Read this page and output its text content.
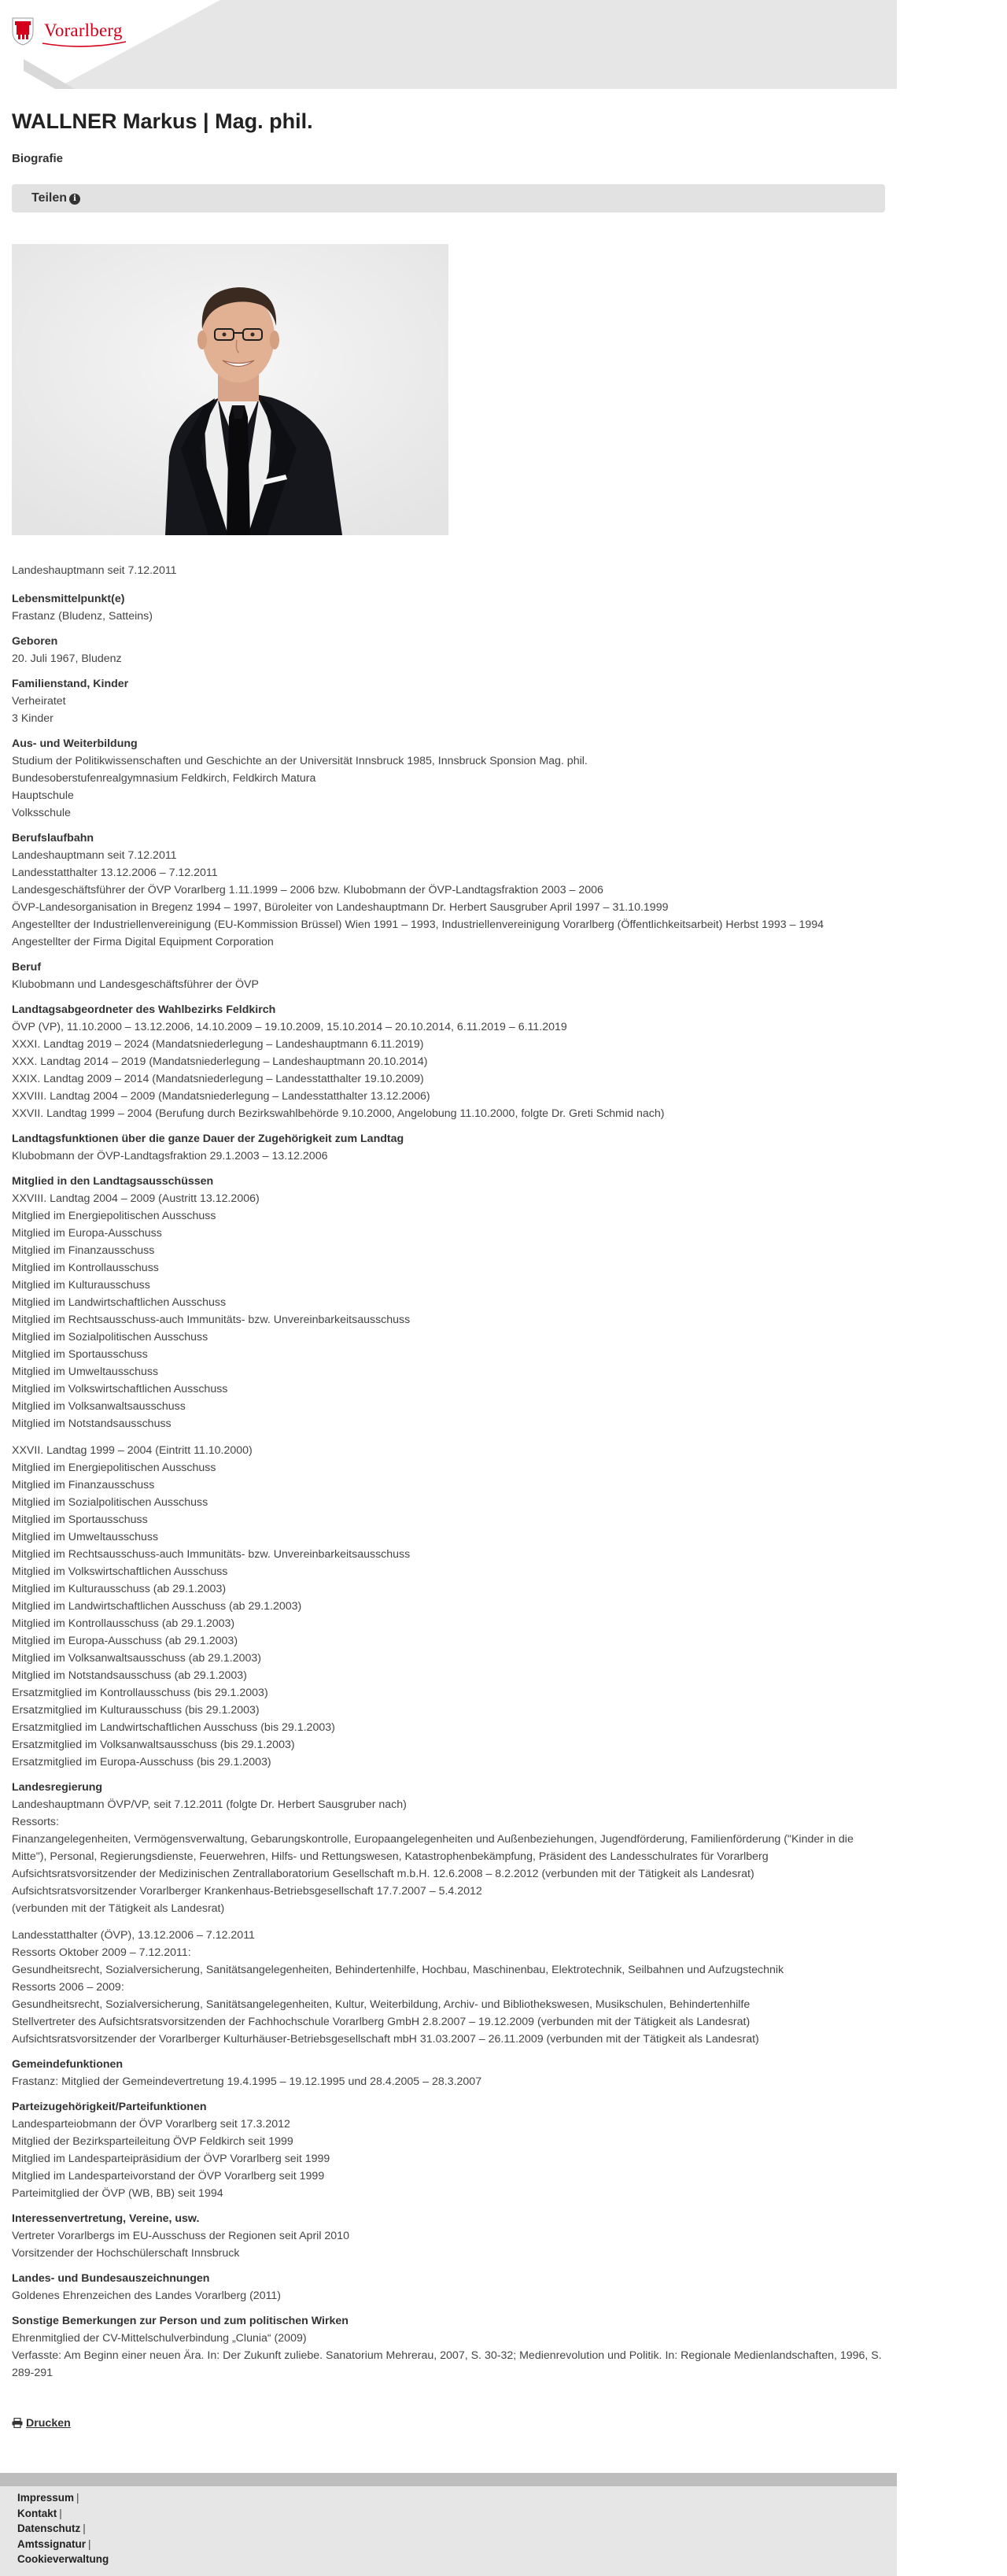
Vorarlberg
WALLNER Markus | Mag. phil.
Biografie
Teilen i

Landeshauptmann seit 7.12.2011

Lebensmittelpunkt(e)

Frastanz (Bludenz, Satteins)

Geboren

20. Juli 1967, Bludenz

Familienstand, Kinder

Verheiratet

3 Kinder

Aus- und Weiterbildung

Studium der Politikwissenschaften und Geschichte an der Universität Innsbruck 1985, Innsbruck Sponsion Mag. phil.

Bundesoberstufenrealgymnasium Feldkirch, Feldkirch Matura

Hauptschule

Volksschule

Berufslaufbahn

Landeshauptmann seit 7.12.2011

Landesstatthalter 13.12.2006 – 7.12.2011

Landesgeschäftsführer der ÖVP Vorarlberg 1.11.1999 – 2006 bzw. Klubobmann der ÖVP-Landtagsfraktion 2003 – 2006

ÖVP-Landesorganisation in Bregenz 1994 – 1997, Büroleiter von Landeshauptmann Dr. Herbert Sausgruber April 1997 – 31.10.1999

Angestellter der Industriellenvereinigung (EU-Kommission Brüssel) Wien 1991 – 1993, Industriellenvereinigung Vorarlberg (Öffentlichkeitsarbeit) Herbst 1993 – 1994

Angestellter der Firma Digital Equipment Corporation

Beruf

Klubobmann und Landesgeschäftsführer der ÖVP

Landtagsabgeordneter des Wahlbezirks Feldkirch

ÖVP (VP), 11.10.2000 – 13.12.2006, 14.10.2009 – 19.10.2009, 15.10.2014 – 20.10.2014, 6.11.2019 – 6.11.2019

XXXI. Landtag 2019 – 2024 (Mandatsniederlegung – Landeshauptmann 6.11.2019)

XXX. Landtag 2014 – 2019 (Mandatsniederlegung – Landeshauptmann 20.10.2014)

XXIX. Landtag 2009 – 2014 (Mandatsniederlegung – Landesstatthalter 19.10.2009)

XXVIII. Landtag 2004 – 2009 (Mandatsniederlegung – Landesstatthalter 13.12.2006)

XXVII. Landtag 1999 – 2004 (Berufung durch Bezirkswahlbehörde 9.10.2000, Angelobung 11.10.2000, folgte Dr. Greti Schmid nach)

Landtagsfunktionen über die ganze Dauer der Zugehörigkeit zum Landtag

Klubobmann der ÖVP-Landtagsfraktion 29.1.2003 – 13.12.2006

Mitglied in den Landtagsausschüssen

XXVIII. Landtag 2004 – 2009 (Austritt 13.12.2006)

Mitglied im Energiepolitischen Ausschuss

Mitglied im Europa-Ausschuss

Mitglied im Finanzausschuss

Mitglied im Kontrollausschuss

Mitglied im Kulturausschuss

Mitglied im Landwirtschaftlichen Ausschuss

Mitglied im Rechtsausschuss-auch Immunitäts- bzw. Unvereinbarkeitsausschuss

Mitglied im Sozialpolitischen Ausschuss

Mitglied im Sportausschuss

Mitglied im Umweltausschuss

Mitglied im Volkswirtschaftlichen Ausschuss

Mitglied im Volksanwaltsausschuss

Mitglied im Notstandsausschuss

XXVII. Landtag 1999 – 2004 (Eintritt 11.10.2000)

Mitglied im Energiepolitischen Ausschuss

Mitglied im Finanzausschuss

Mitglied im Sozialpolitischen Ausschuss

Mitglied im Sportausschuss

Mitglied im Umweltausschuss

Mitglied im Rechtsausschuss-auch Immunitäts- bzw. Unvereinbarkeitsausschuss

Mitglied im Volkswirtschaftlichen Ausschuss

Mitglied im Kulturausschuss (ab 29.1.2003)

Mitglied im Landwirtschaftlichen Ausschuss (ab 29.1.2003)

Mitglied im Kontrollausschuss (ab 29.1.2003)

Mitglied im Europa-Ausschuss (ab 29.1.2003)

Mitglied im Volksanwaltsausschuss (ab 29.1.2003)

Mitglied im Notstandsausschuss (ab 29.1.2003)

Ersatzmitglied im Kontrollausschuss (bis 29.1.2003)

Ersatzmitglied im Kulturausschuss (bis 29.1.2003)

Ersatzmitglied im Landwirtschaftlichen Ausschuss (bis 29.1.2003)

Ersatzmitglied im Volksanwaltsausschuss (bis 29.1.2003)

Ersatzmitglied im Europa-Ausschuss (bis 29.1.2003)

Landesregierung

Landeshauptmann ÖVP/VP, seit 7.12.2011 (folgte Dr. Herbert Sausgruber nach)

Ressorts:

Finanzangelegenheiten, Vermögensverwaltung, Gebarungskontrolle, Europaangelegenheiten und Außenbeziehungen, Jugendförderung, Familienförderung ("Kinder in die Mitte"), Personal, Regierungsdienste, Feuerwehren, Hilfs- und Rettungswesen, Katastrophenbekämpfung, Präsident des Landesschulrates für Vorarlberg

Aufsichtsratsvorsitzender der Medizinischen Zentrallaboratorium Gesellschaft m.b.H. 12.6.2008 – 8.2.2012 (verbunden mit der Tätigkeit als Landesrat)

Aufsichtsratsvorsitzender Vorarlberger Krankenhaus-Betriebsgesellschaft 17.7.2007 – 5.4.2012

(verbunden mit der Tätigkeit als Landesrat)

Landesstatthalter (ÖVP), 13.12.2006 – 7.12.2011

Ressorts Oktober 2009 – 7.12.2011:

Gesundheitsrecht, Sozialversicherung, Sanitätsangelegenheiten, Behindertenhilfe, Hochbau, Maschinenbau, Elektrotechnik, Seilbahnen und Aufzugstechnik

Ressorts 2006 – 2009:

Gesundheitsrecht, Sozialversicherung, Sanitätsangelegenheiten, Kultur, Weiterbildung, Archiv- und Bibliothekswesen, Musikschulen, Behindertenhilfe

Stellvertreter des Aufsichtsratsvorsitzenden der Fachhochschule Vorarlberg GmbH 2.8.2007 – 19.12.2009 (verbunden mit der Tätigkeit als Landesrat)

Aufsichtsratsvorsitzender der Vorarlberger Kulturhäuser-Betriebsgesellschaft mbH 31.03.2007 – 26.11.2009 (verbunden mit der Tätigkeit als Landesrat)

Gemeindefunktionen

Frastanz: Mitglied der Gemeindevertretung 19.4.1995 – 19.12.1995 und 28.4.2005 – 28.3.2007

Parteizugehörigkeit/Parteifunktionen

Landesparteiobmann der ÖVP Vorarlberg seit 17.3.2012

Mitglied der Bezirksparteileitung ÖVP Feldkirch seit 1999

Mitglied im Landesparteipräsidium der ÖVP Vorarlberg seit 1999

Mitglied im Landesparteivorstand der ÖVP Vorarlberg seit 1999

Parteimitglied der ÖVP (WB, BB) seit 1994

Interessenvertretung, Vereine, usw.

Vertreter Vorarlbergs im EU-Ausschuss der Regionen seit April 2010

Vorsitzender der Hochschülerschaft Innsbruck

Landes- und Bundesauszeichnungen

Goldenes Ehrenzeichen des Landes Vorarlberg (2011)

Sonstige Bemerkungen zur Person und zum politischen Wirken

Ehrenmitglied der CV-Mittelschulverbindung „Clunia“ (2009)

Verfasste: Am Beginn einer neuen Ära. In: Der Zukunft zuliebe. Sanatorium Mehrerau, 2007, S. 30-32; Medienrevolution und Politik. In: Regionale Medienlandschaften, 1996, S. 289-291

Drucken
Impressum |
Kontakt |
Datenschutz |
Amtssignatur |
Cookieverwaltung
